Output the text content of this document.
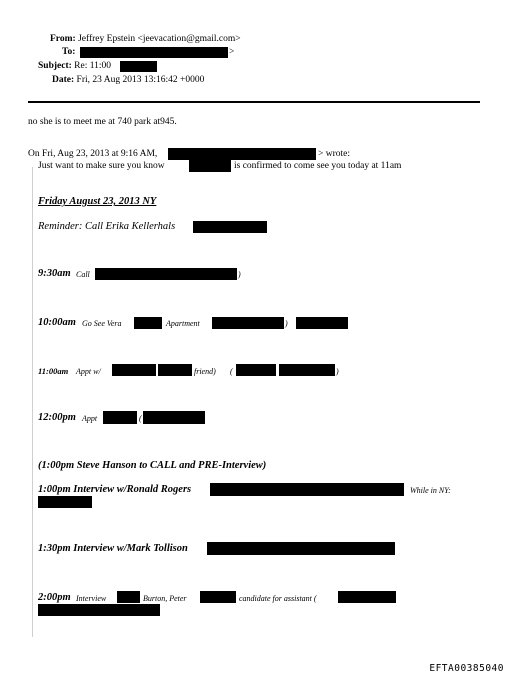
From: Jeffrey Epstein <jeevacation@gmail.com>
To:	>
Subject: Re: 11:00
Date: Fri, 23 Aug 2013 13:16:42 +0000
no she is to meet me at 740 park at945.
On Fri, Aug 23, 2013 at 9:16 AM,	> wrote:
Just want to make sure you know	is confirmed to come see you today at 11am
Friday August 23, 2013 NY
Reminder: Call Erika Kellerhals
9:30am Call	)
10:00am Go See Vera	Apartment	)
11:00am Appt w/	friend) (	)
12:00pm Appt	(
(1:00pm Steve Hanson to CALL and PRE-Interview)
1:00pm Interview w/Ronald Rogers	While in NY:
1:30pm Interview w/Mark Tollison
2:00pm Interview	Burton, Peter	candidate for assistant (
EFTA00385040
